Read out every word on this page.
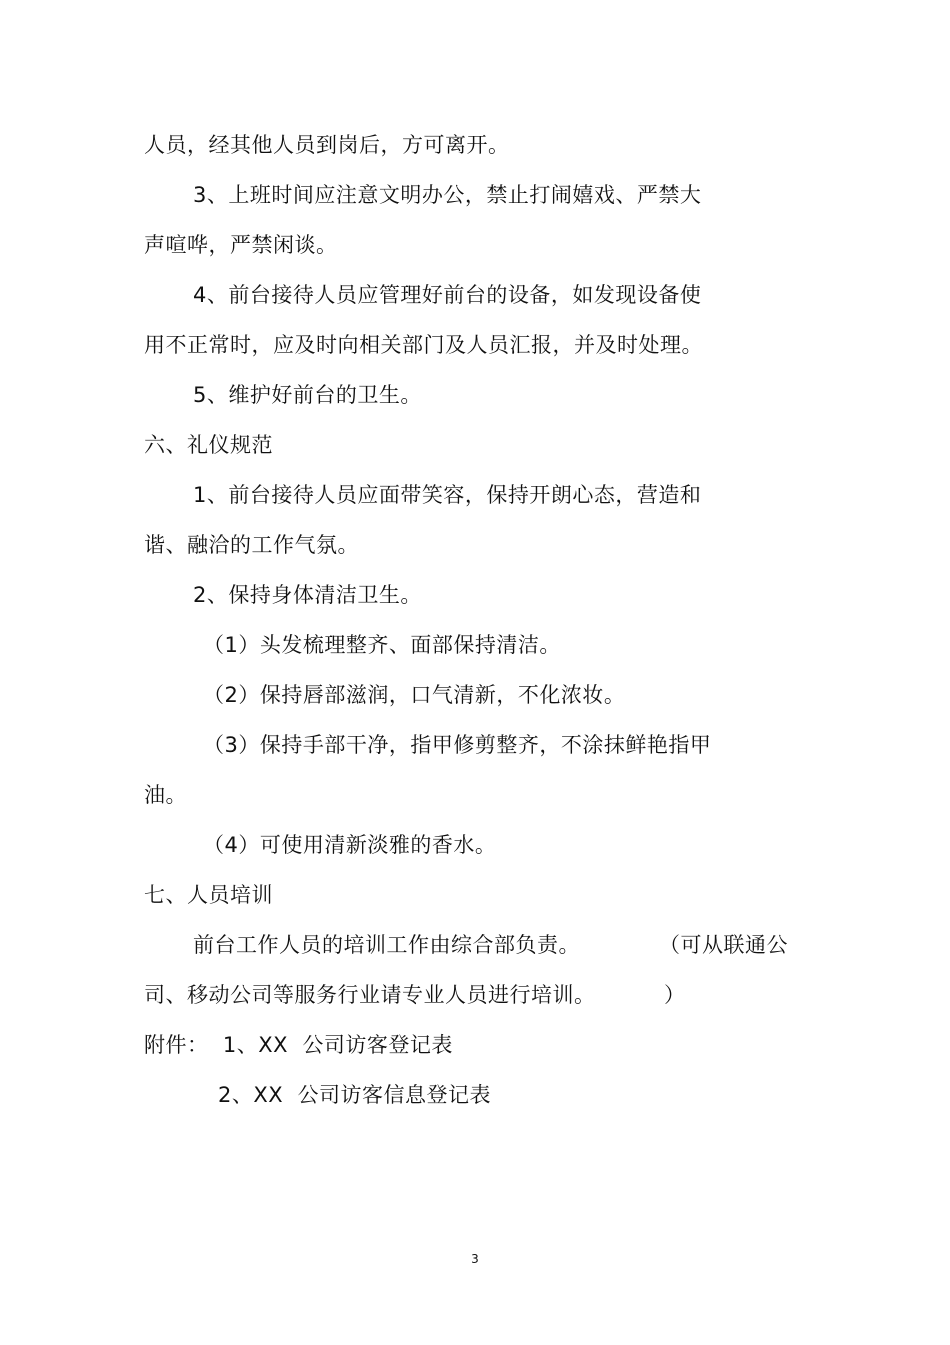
人员，经其他人员到岗后，方可离开。
3、上班时间应注意文明办公，禁止打闹嬉戏、严禁大
声喧哗，严禁闲谈。
4、前台接待人员应管理好前台的设备，如发现设备使
用不正常时，应及时向相关部门及人员汇报，并及时处理。
5、维护好前台的卫生。
六、礼仪规范
1、前台接待人员应面带笑容，保持开朗心态，营造和
谐、融洽的工作气氛。
2、保持身体清洁卫生。
（1）头发梳理整齐、面部保持清洁。
（2）保持唇部滋润，口气清新，不化浓妆。
（3）保持手部干净，指甲修剪整齐，不涂抹鲜艳指甲
油。
（4）可使用清新淡雅的香水。
七、人员培训
前台工作人员的培训工作由综合部负责。	（可从联通公
司、移动公司等服务行业请专业人员进行培训。	）
附件：  1、XX  公司访客登记表
2、XX  公司访客信息登记表
3
